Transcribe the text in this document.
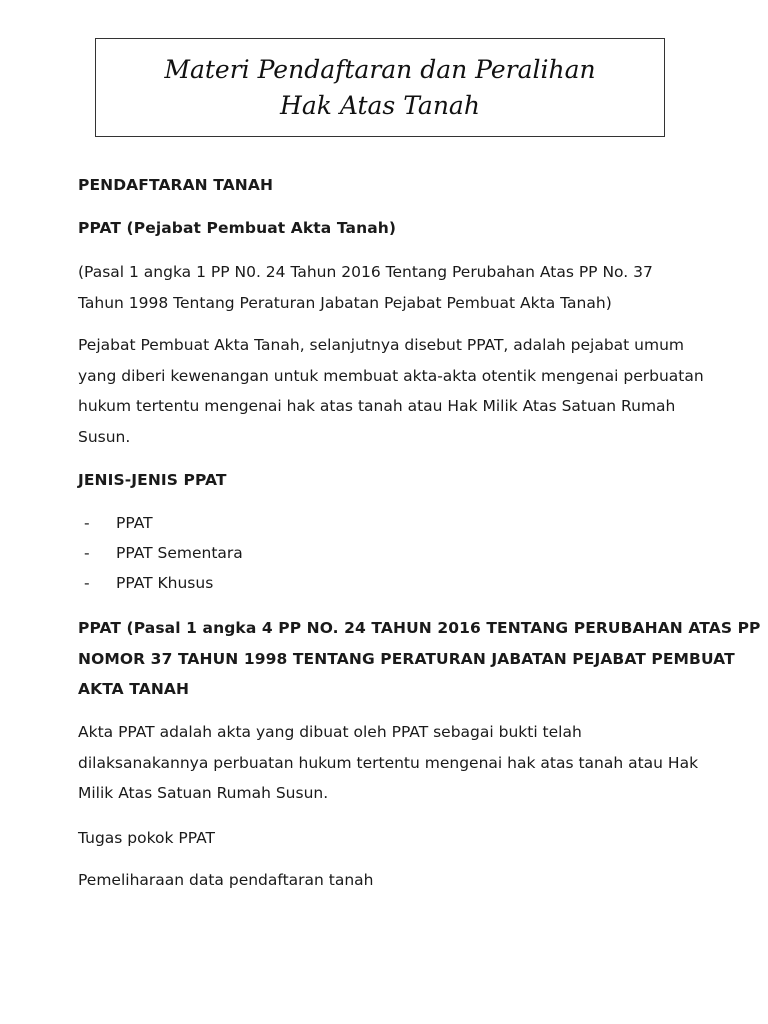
Materi Pendaftaran dan Peralihan
Hak Atas Tanah
PENDAFTARAN TANAH
PPAT (Pejabat Pembuat Akta Tanah)
(Pasal 1 angka 1 PP N0. 24 Tahun 2016 Tentang Perubahan Atas PP No. 37
Tahun 1998 Tentang Peraturan Jabatan Pejabat Pembuat Akta Tanah)
Pejabat Pembuat Akta Tanah, selanjutnya disebut PPAT, adalah pejabat umum
yang diberi kewenangan untuk membuat akta-akta otentik mengenai perbuatan
hukum tertentu mengenai hak atas tanah atau Hak Milik Atas Satuan Rumah
Susun.
JENIS-JENIS PPAT
- PPAT
- PPAT Sementara
- PPAT Khusus
PPAT (Pasal 1 angka 4 PP NO. 24 TAHUN 2016 TENTANG PERUBAHAN ATAS PP
NOMOR 37 TAHUN 1998 TENTANG PERATURAN JABATAN PEJABAT PEMBUAT
AKTA TANAH
Akta PPAT adalah akta yang dibuat oleh PPAT sebagai bukti telah
dilaksanakannya perbuatan hukum tertentu mengenai hak atas tanah atau Hak
Milik Atas Satuan Rumah Susun.
Tugas pokok PPAT
Pemeliharaan data pendaftaran tanah
